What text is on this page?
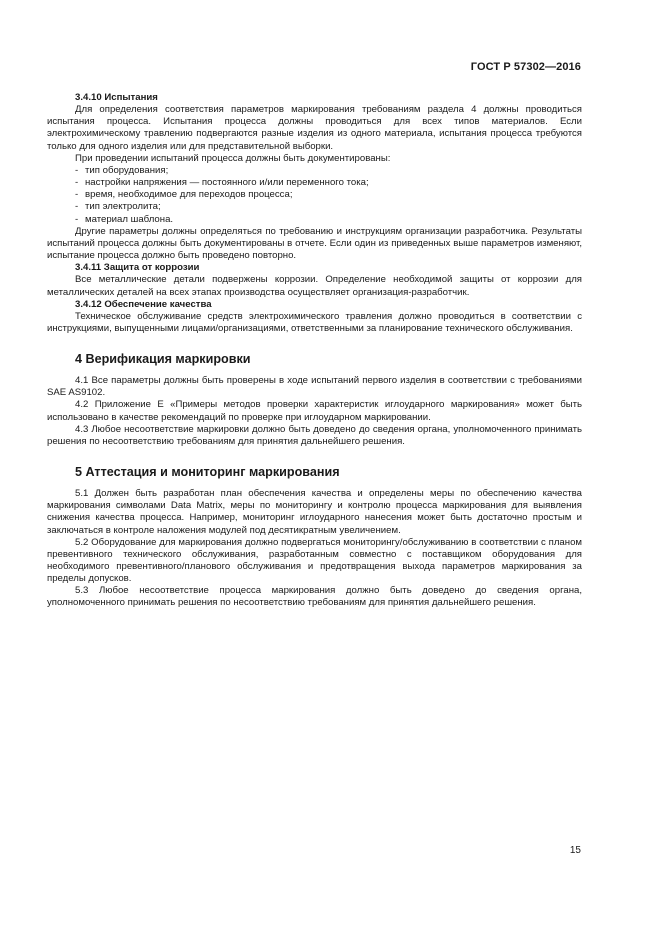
ГОСТ Р 57302—2016

3.4.10 Испытания

Для определения соответствия параметров маркирования требованиям раздела 4 должны проводиться испытания процесса. Испытания процесса должны проводиться для всех типов материалов. Если электрохимическому травлению подвергаются разные изделия из одного материала, испытания процесса требуются только для одного изделия или для представительной выборки.

При проведении испытаний процесса должны быть документированы:

- тип оборудования;

- настройки напряжения — постоянного и/или переменного тока;

- время, необходимое для переходов процесса;

- тип электролита;

- материал шаблона.

Другие параметры должны определяться по требованию и инструкциям организации разработчика. Результаты испытаний процесса должны быть документированы в отчете. Если один из приведенных выше параметров изменяют, испытание процесса должно быть проведено повторно.

3.4.11 Защита от коррозии

Все металлические детали подвержены коррозии. Определение необходимой защиты от коррозии для металлических деталей на всех этапах производства осуществляет организация-разработчик.

3.4.12 Обеспечение качества

Техническое обслуживание средств электрохимического травления должно проводиться в соответствии с инструкциями, выпущенными лицами/организациями, ответственными за планирование технического обслуживания.

4 Верификация маркировки

4.1 Все параметры должны быть проверены в ходе испытаний первого изделия в соответствии с требованиями SAE AS9102.

4.2 Приложение Е «Примеры методов проверки характеристик иглоударного маркирования» может быть использовано в качестве рекомендаций по проверке при иглоударном маркировании.

4.3 Любое несоответствие маркировки должно быть доведено до сведения органа, уполномоченного принимать решения по несоответствию требованиям для принятия дальнейшего решения.

5 Аттестация и мониторинг маркирования

5.1 Должен быть разработан план обеспечения качества и определены меры по обеспечению качества маркирования символами Data Matrix, меры по мониторингу и контролю процесса маркирования для выявления снижения качества процесса. Например, мониторинг иглоударного нанесения может быть достаточно простым и заключаться в контроле наложения модулей под десятикратным увеличением.

5.2 Оборудование для маркирования должно подвергаться мониторингу/обслуживанию в соответствии с планом превентивного технического обслуживания, разработанным совместно с поставщиком оборудования для необходимого превентивного/планового обслуживания и предотвращения выхода параметров маркирования за пределы допусков.

5.3 Любое несоответствие процесса маркирования должно быть доведено до сведения органа, уполномоченного принимать решения по несоответствию требованиям для принятия дальнейшего решения.

15
